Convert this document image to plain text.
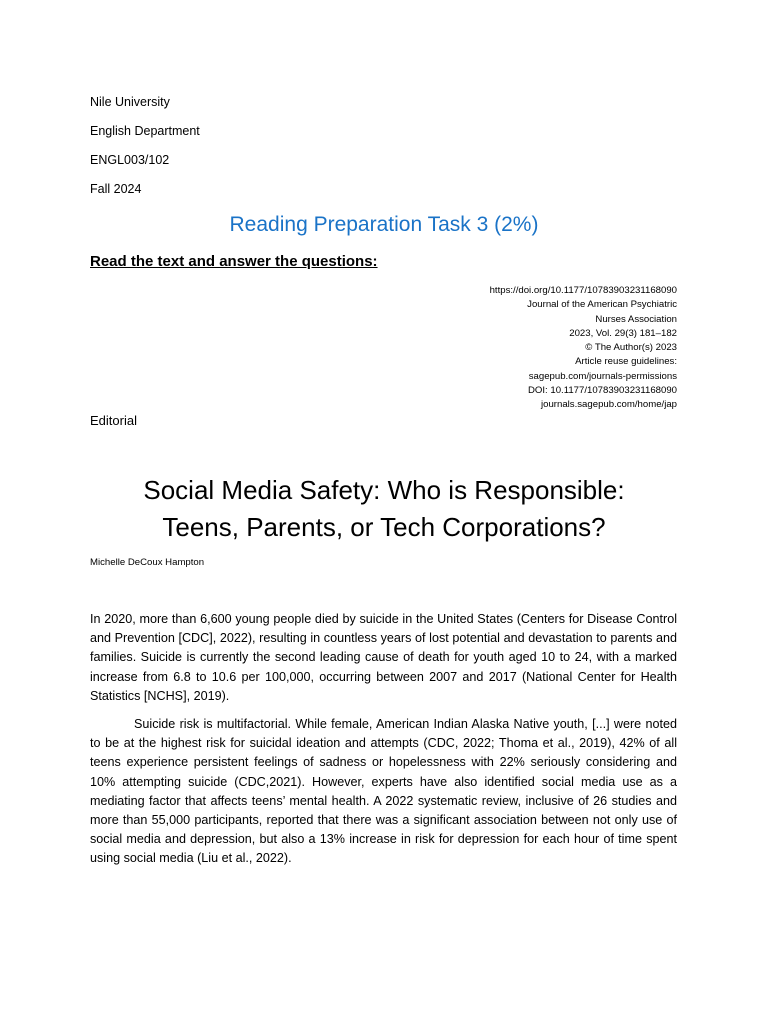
Nile University
English Department
ENGL003/102
Fall 2024
Reading Preparation Task 3 (2%)
Read the text and answer the questions:
https://doi.org/10.1177/10783903231168090
Journal of the American Psychiatric
Nurses Association
2023, Vol. 29(3) 181–182
© The Author(s) 2023
Article reuse guidelines:
sagepub.com/journals-permissions
DOI: 10.1177/10783903231168090
journals.sagepub.com/home/jap
Editorial
Social Media Safety: Who is Responsible:
Teens, Parents, or Tech Corporations?
Michelle DeCoux Hampton

In 2020, more than 6,600 young people died by suicide in the United States (Centers for Disease Control and Prevention [CDC], 2022), resulting in countless years of lost potential and devastation to parents and families. Suicide is currently the second leading cause of death for youth aged 10 to 24, with a marked increase from 6.8 to 10.6 per 100,000, occurring between 2007 and 2017 (National Center for Health Statistics [NCHS], 2019).

Suicide risk is multifactorial. While female, American Indian Alaska Native youth, [...] were noted to be at the highest risk for suicidal ideation and attempts (CDC, 2022; Thoma et al., 2019), 42% of all teens experience persistent feelings of sadness or hopelessness with 22% seriously considering and 10% attempting suicide (CDC,2021). However, experts have also identified social media use as a mediating factor that affects teens’ mental health. A 2022 systematic review, inclusive of 26 studies and more than 55,000 participants, reported that there was a significant association between not only use of social media and depression, but also a 13% increase in risk for depression for each hour of time spent using social media (Liu et al., 2022).
